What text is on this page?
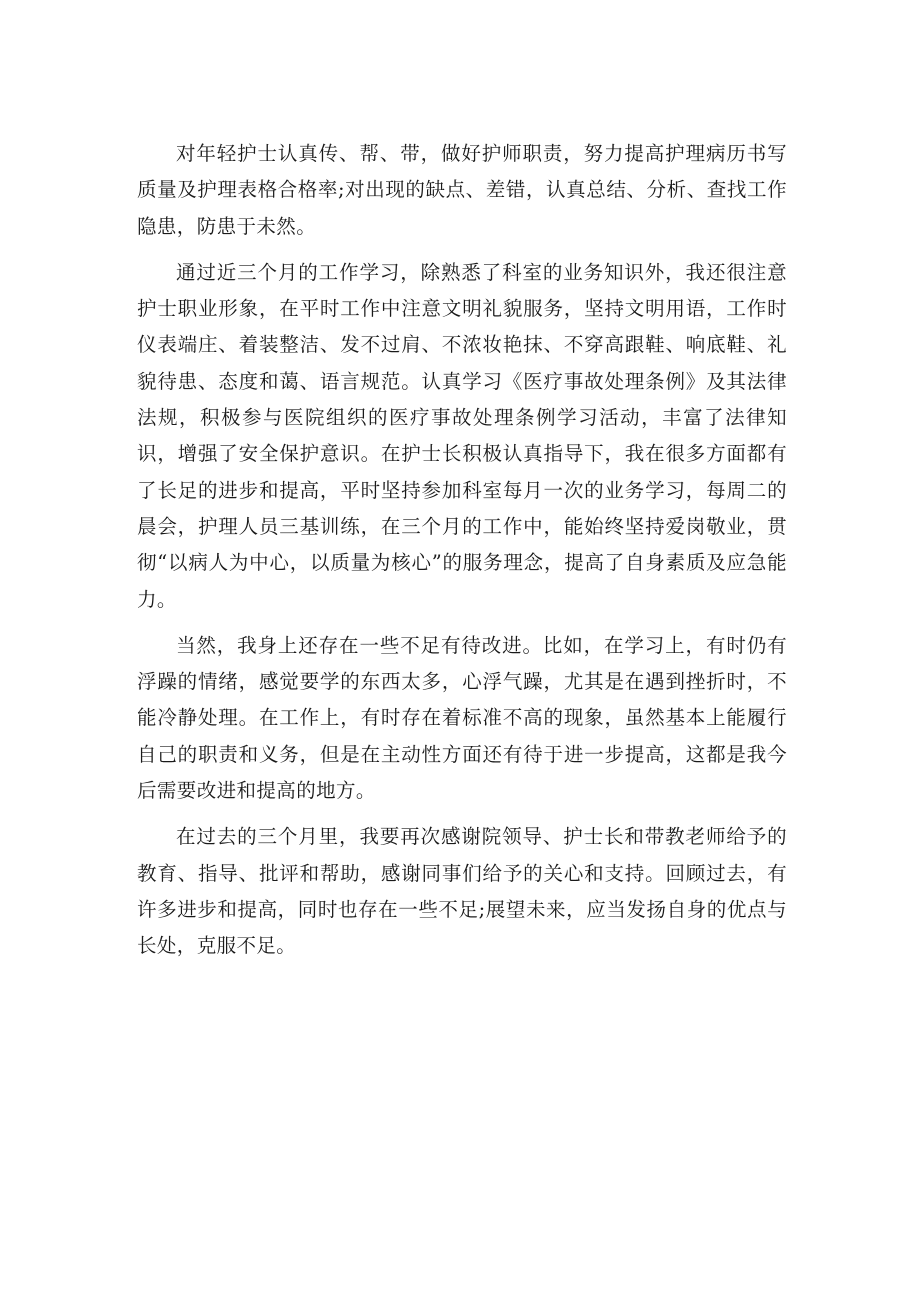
对年轻护士认真传、帮、带，做好护师职责，努力提高护理病历书写质量及护理表格合格率;对出现的缺点、差错，认真总结、分析、查找工作隐患，防患于未然。

通过近三个月的工作学习，除熟悉了科室的业务知识外，我还很注意护士职业形象，在平时工作中注意文明礼貌服务，坚持文明用语，工作时仪表端庄、着装整洁、发不过肩、不浓妆艳抹、不穿高跟鞋、响底鞋、礼貌待患、态度和蔼、语言规范。认真学习《医疗事故处理条例》及其法律法规，积极参与医院组织的医疗事故处理条例学习活动，丰富了法律知识，增强了安全保护意识。在护士长积极认真指导下，我在很多方面都有了长足的进步和提高，平时坚持参加科室每月一次的业务学习，每周二的晨会，护理人员三基训练，在三个月的工作中，能始终坚持爱岗敬业，贯彻“以病人为中心，以质量为核心”的服务理念，提高了自身素质及应急能力。

当然，我身上还存在一些不足有待改进。比如，在学习上，有时仍有浮躁的情绪，感觉要学的东西太多，心浮气躁，尤其是在遇到挫折时，不能冷静处理。在工作上，有时存在着标准不高的现象，虽然基本上能履行自己的职责和义务，但是在主动性方面还有待于进一步提高，这都是我今后需要改进和提高的地方。

在过去的三个月里，我要再次感谢院领导、护士长和带教老师给予的教育、指导、批评和帮助，感谢同事们给予的关心和支持。回顾过去，有许多进步和提高，同时也存在一些不足;展望未来，应当发扬自身的优点与长处，克服不足。
